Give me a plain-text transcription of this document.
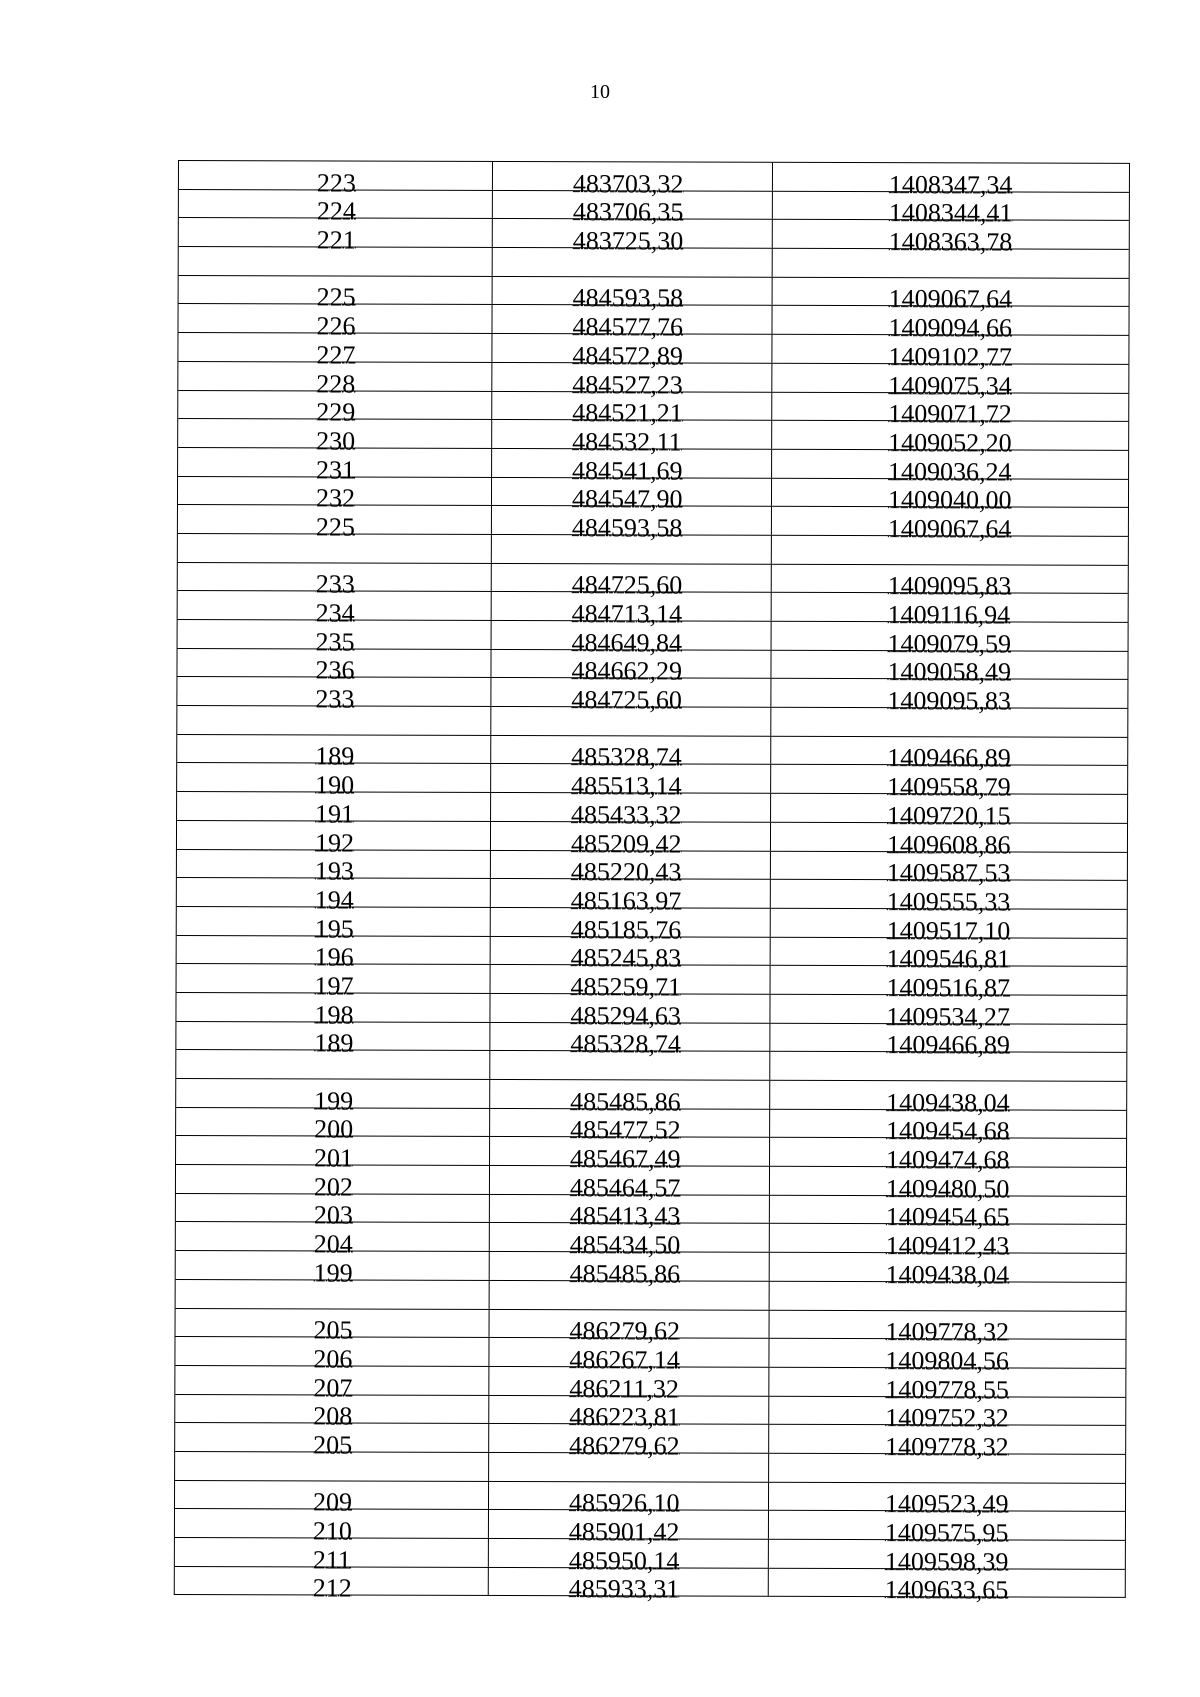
10
223	483703,32	1408347,34
224	483706,35	1408344,41
221	483725,30	1408363,78
225	484593,58	1409067,64
226	484577,76	1409094,66
227	484572,89	1409102,77
228	484527,23	1409075,34
229	484521,21	1409071,72
230	484532,11	1409052,20
231	484541,69	1409036,24
232	484547,90	1409040,00
225	484593,58	1409067,64
233	484725,60	1409095,83
234	484713,14	1409116,94
235	484649,84	1409079,59
236	484662,29	1409058,49
233	484725,60	1409095,83
189	485328,74	1409466,89
190	485513,14	1409558,79
191	485433,32	1409720,15
192	485209,42	1409608,86
193	485220,43	1409587,53
194	485163,97	1409555,33
195	485185,76	1409517,10
196	485245,83	1409546,81
197	485259,71	1409516,87
198	485294,63	1409534,27
189	485328,74	1409466,89
199	485485,86	1409438,04
200	485477,52	1409454,68
201	485467,49	1409474,68
202	485464,57	1409480,50
203	485413,43	1409454,65
204	485434,50	1409412,43
199	485485,86	1409438,04
205	486279,62	1409778,32
206	486267,14	1409804,56
207	486211,32	1409778,55
208	486223,81	1409752,32
205	486279,62	1409778,32
209	485926,10	1409523,49
210	485901,42	1409575,95
211	485950,14	1409598,39
212	485933,31	1409633,65
